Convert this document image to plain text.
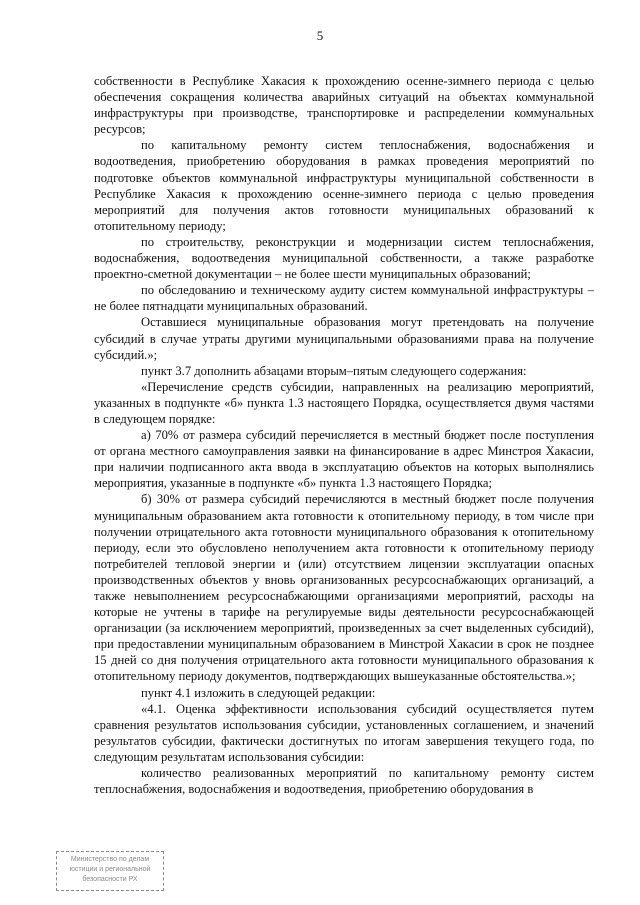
5

собственности в Республике Хакасия к прохождению осенне-зимнего периода с целью обеспечения сокращения количества аварийных ситуаций на объектах коммунальной инфраструктуры при производстве, транспортировке и распределении коммунальных ресурсов;

по капитальному ремонту систем теплоснабжения, водоснабжения и водоотведения, приобретению оборудования в рамках проведения мероприятий по подготовке объектов коммунальной инфраструктуры муниципальной собственности в Республике Хакасия к прохождению осенне-зимнего периода с целью проведения мероприятий для получения актов готовности муниципальных образований к отопительному периоду;

по строительству, реконструкции и модернизации систем теплоснабжения, водоснабжения, водоотведения муниципальной собственности, а также разработке проектно-сметной документации – не более шести муниципальных образований;

по обследованию и техническому аудиту систем коммунальной инфраструктуры – не более пятнадцати муниципальных образований.

Оставшиеся муниципальные образования могут претендовать на получение субсидий в случае утраты другими муниципальными образованиями права на получение субсидий.»;

пункт 3.7 дополнить абзацами вторым–пятым следующего содержания:

«Перечисление средств субсидии, направленных на реализацию мероприятий, указанных в подпункте «б» пункта 1.3 настоящего Порядка, осуществляется двумя частями в следующем порядке:

а) 70% от размера субсидий перечисляется в местный бюджет после поступления от органа местного самоуправления заявки на финансирование в адрес Минстроя Хакасии, при наличии подписанного акта ввода в эксплуатацию объектов на которых выполнялись мероприятия, указанные в подпункте «б» пункта 1.3 настоящего Порядка;

б) 30% от размера субсидий перечисляются в местный бюджет после получения муниципальным образованием акта готовности к отопительному периоду, в том числе при получении отрицательного акта готовности муниципального образования к отопительному периоду, если это обусловлено неполучением акта готовности к отопительному периоду потребителей тепловой энергии и (или) отсутствием лицензии эксплуатации опасных производственных объектов у вновь организованных ресурсоснабжающих организаций, а также невыполнением ресурсоснабжающими организациями мероприятий, расходы на которые не учтены в тарифе на регулируемые виды деятельности ресурсоснабжающей организации (за исключением мероприятий, произведенных за счет выделенных субсидий), при предоставлении муниципальным образованием в Минстрой Хакасии в срок не позднее 15 дней со дня получения отрицательного акта готовности муниципального образования к отопительному периоду документов, подтверждающих вышеуказанные обстоятельства.»;

пункт 4.1 изложить в следующей редакции:

«4.1. Оценка эффективности использования субсидий осуществляется путем сравнения результатов использования субсидии, установленных соглашением, и значений результатов субсидии, фактически достигнутых по итогам завершения текущего года, по следующим результатам использования субсидии:

количество реализованных мероприятий по капитальному ремонту систем теплоснабжения, водоснабжения и водоотведения, приобретению оборудования в

Министерство по делам
юстиции и региональной
безопасности РХ
